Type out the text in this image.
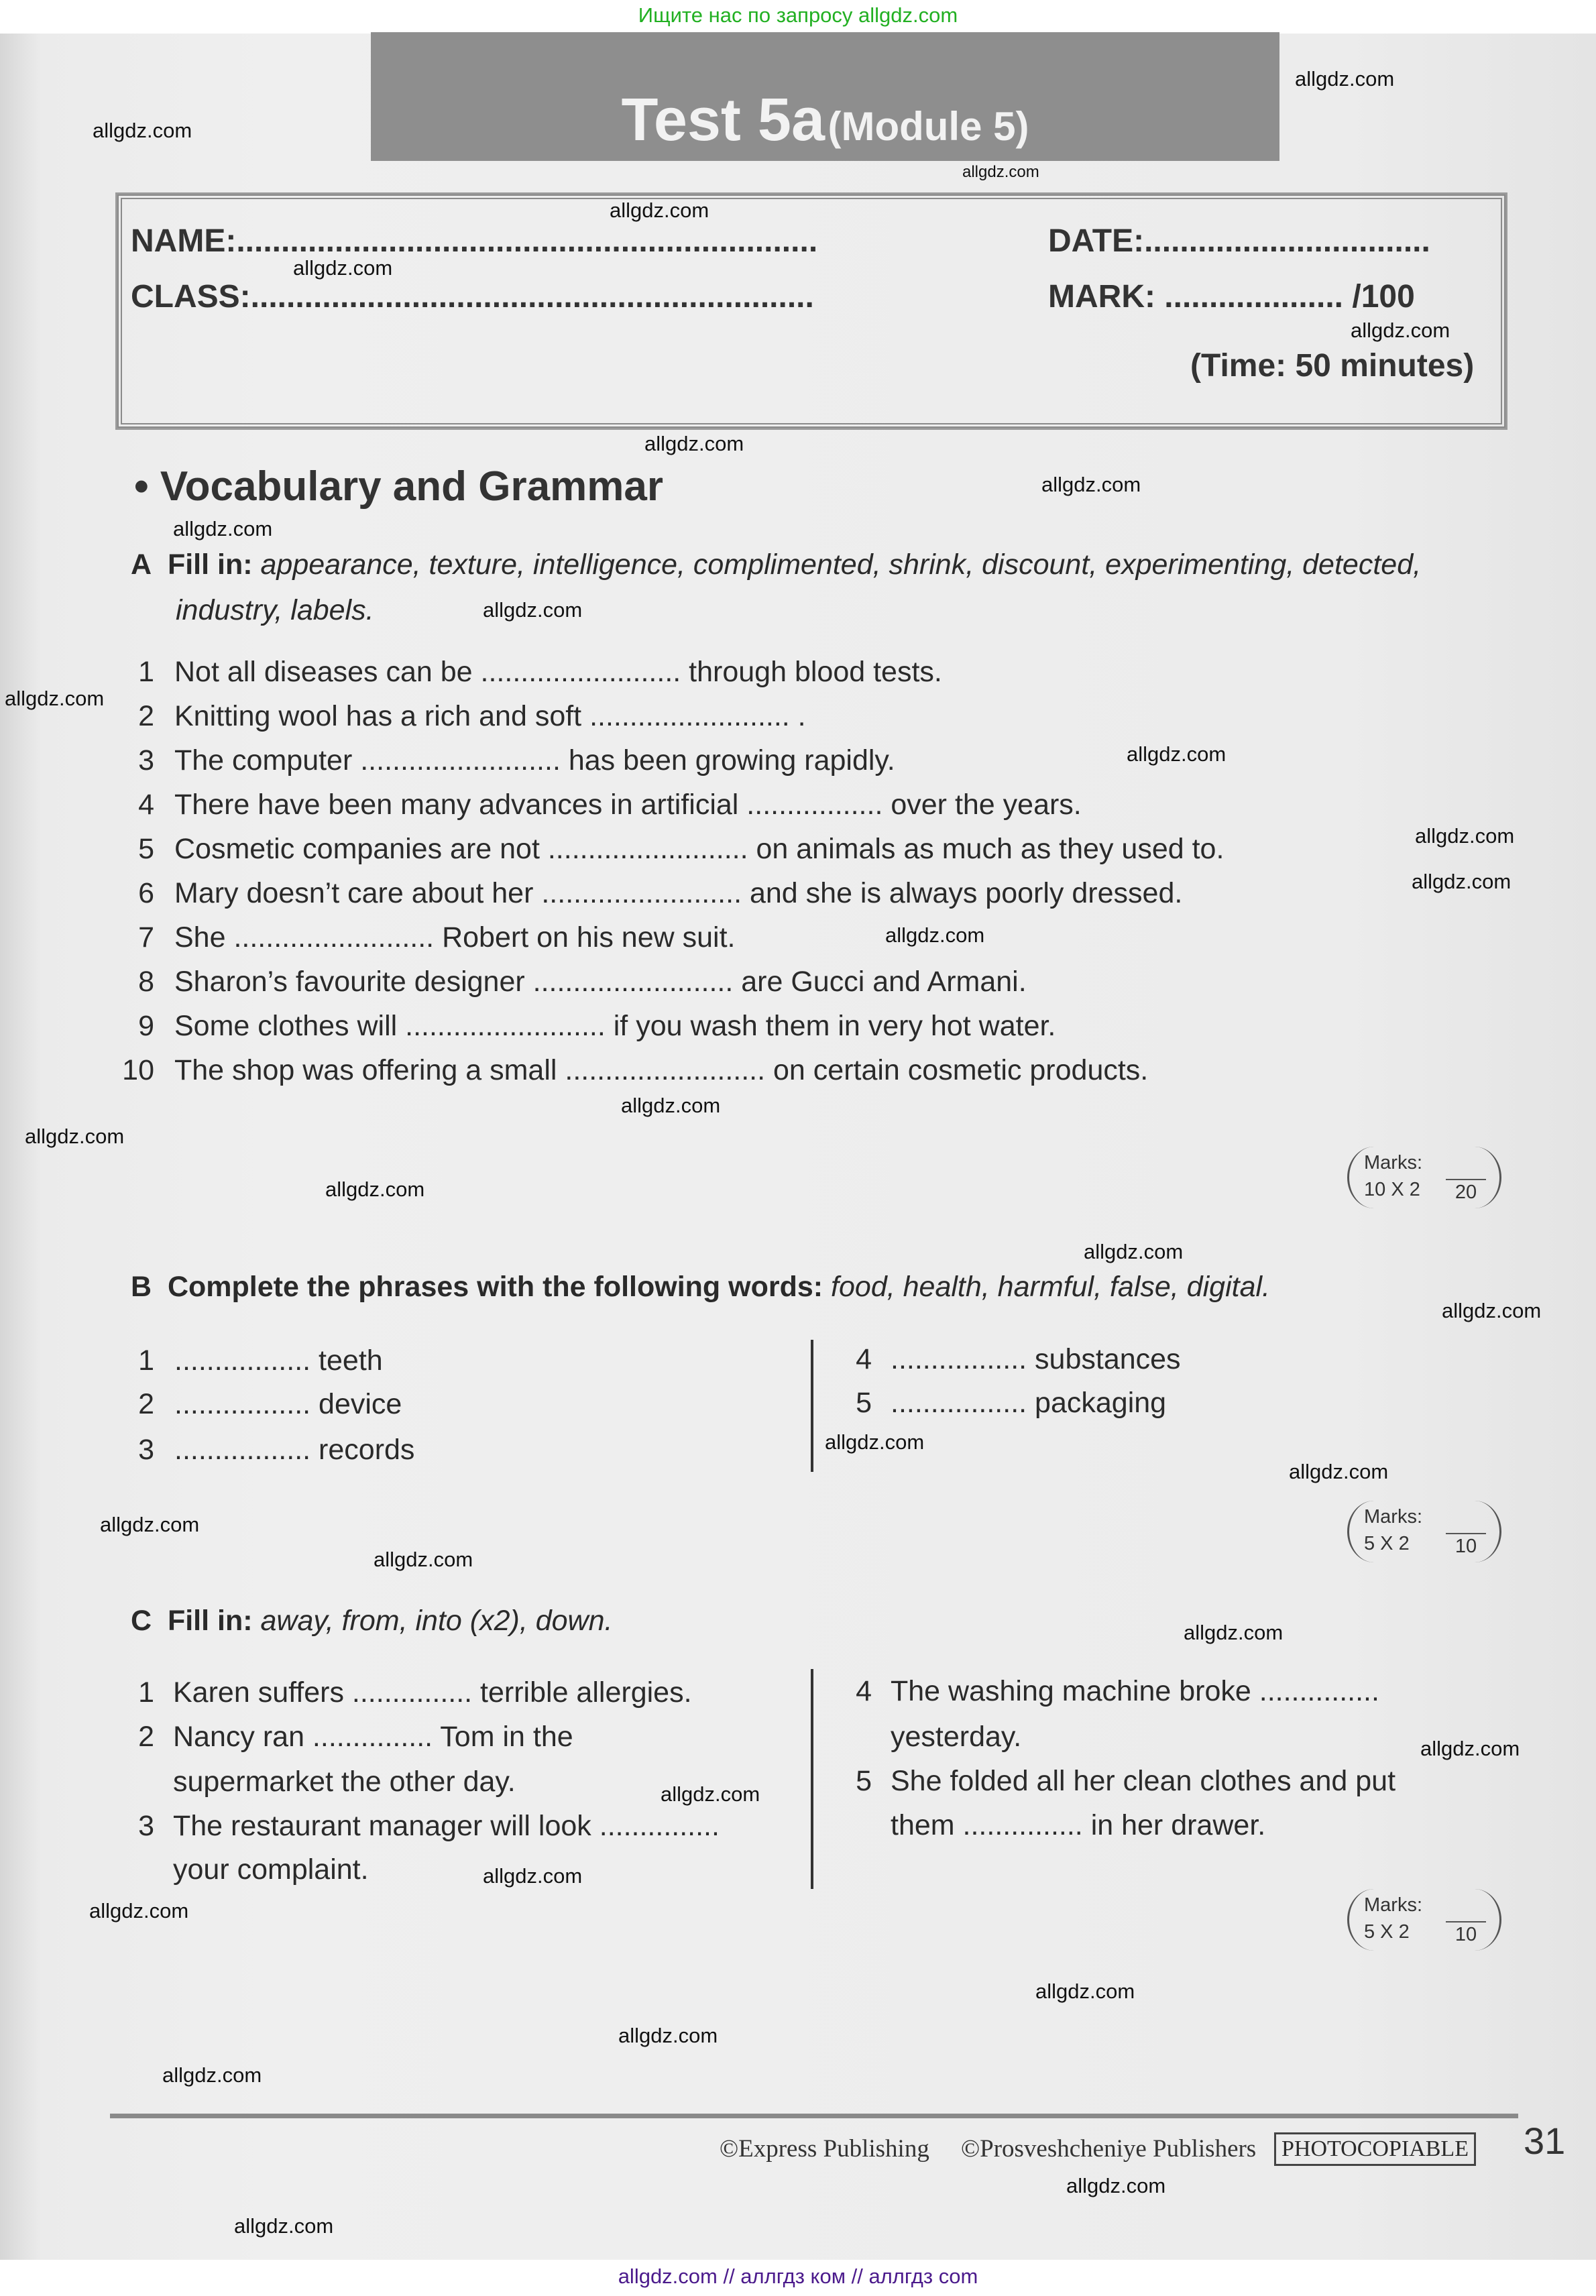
Ищите нас по запросу allgdz.com
Test 5a (Module 5)
NAME:.................................................................
CLASS:...............................................................
DATE:................................
MARK: .................... /100
(Time: 50 minutes)
• Vocabulary and Grammar
A Fill in: appearance, texture, intelligence, complimented, shrink, discount, experimenting, detected,
industry, labels.
1 Not all diseases can be ......................... through blood tests.
2 Knitting wool has a rich and soft ......................... .
3 The computer ......................... has been growing rapidly.
4 There have been many advances in artificial ................. over the years.
5 Cosmetic companies are not ......................... on animals as much as they used to.
6 Mary doesn’t care about her ......................... and she is always poorly dressed.
7 She ......................... Robert on his new suit.
8 Sharon’s favourite designer ......................... are Gucci and Armani.
9 Some clothes will ......................... if you wash them in very hot water.
10 The shop was offering a small ......................... on certain cosmetic products.
Marks:
10 X 2	20
B Complete the phrases with the following words: food, health, harmful, false, digital.
1 ................. teeth
2 ................. device
3 ................. records
4 ................. substances
5 ................. packaging
Marks:
5 X 2	10
C Fill in: away, from, into (x2), down.
1 Karen suffers ............... terrible allergies.
2 Nancy ran ............... Tom in the
supermarket the other day.
3 The restaurant manager will look ...............
your complaint.
4 The washing machine broke ...............
yesterday.
5 She folded all her clean clothes and put
them ............... in her drawer.
Marks:
5 X 2	10
©Express Publishing ©Prosveshcheniye Publishers	PHOTOCOPIABLE 31
allgdz.com
allgdz.com
allgdz.com
allgdz.com
allgdz.com
allgdz.com
allgdz.com
allgdz.com
allgdz.com
allgdz.com
allgdz.com
allgdz.com
allgdz.com
allgdz.com
allgdz.com
allgdz.com
allgdz.com
allgdz.com
allgdz.com
allgdz.com
allgdz.com
allgdz.com
allgdz.com
allgdz.com
allgdz.com
allgdz.com
allgdz.com
allgdz.com
allgdz.com
allgdz.com
allgdz.com
allgdz.com
allgdz.com
allgdz.com
allgdz.com // аллгдз ком // аллгдз com
